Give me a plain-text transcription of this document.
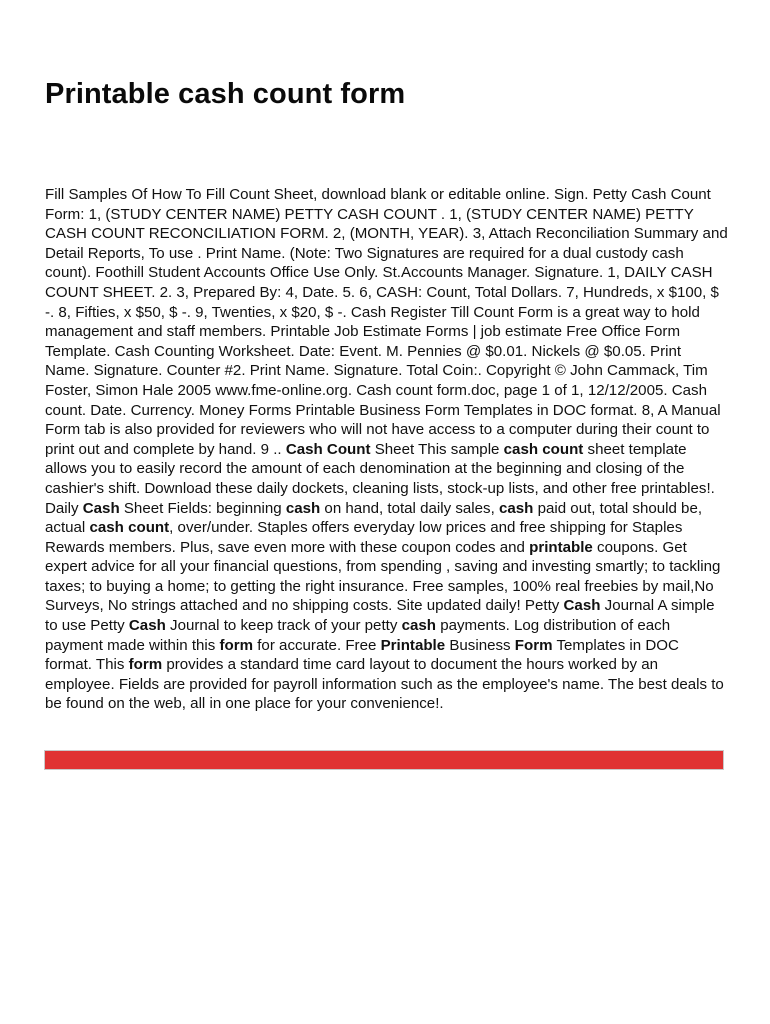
Printable cash count form

Fill Samples Of How To Fill Count Sheet, download blank or editable online. Sign. Petty Cash Count Form: 1, (STUDY CENTER NAME) PETTY CASH COUNT . 1, (STUDY CENTER NAME) PETTY CASH COUNT RECONCILIATION FORM. 2, (MONTH, YEAR). 3, Attach Reconciliation Summary and Detail Reports, To use . Print Name. (Note: Two Signatures are required for a dual custody cash count). Foothill Student Accounts Office Use Only. St.Accounts Manager. Signature. 1, DAILY CASH COUNT SHEET. 2. 3, Prepared By: 4, Date. 5. 6, CASH: Count, Total Dollars. 7, Hundreds, x $100, $ -. 8, Fifties, x $50, $ -. 9, Twenties, x $20, $ -. Cash Register Till Count Form is a great way to hold management and staff members. Printable Job Estimate Forms | job estimate Free Office Form Template. Cash Counting Worksheet. Date: Event. M. Pennies @ $0.01. Nickels @ $0.05. Print Name. Signature. Counter #2. Print Name. Signature. Total Coin:. Copyright © John Cammack, Tim Foster, Simon Hale 2005 www.fme-online.org. Cash count form.doc, page 1 of 1, 12/12/2005. Cash count. Date. Currency. Money Forms Printable Business Form Templates in DOC format. 8, A Manual Form tab is also provided for reviewers who will not have access to a computer during their count to print out and complete by hand. 9 .. Cash Count Sheet This sample cash count sheet template allows you to easily record the amount of each denomination at the beginning and closing of the cashier's shift. Download these daily dockets, cleaning lists, stock-up lists, and other free printables!. Daily Cash Sheet Fields: beginning cash on hand, total daily sales, cash paid out, total should be, actual cash count, over/under. Staples offers everyday low prices and free shipping for Staples Rewards members. Plus, save even more with these coupon codes and printable coupons. Get expert advice for all your financial questions, from spending , saving and investing smartly; to tackling taxes; to buying a home; to getting the right insurance. Free samples, 100% real freebies by mail,No Surveys, No strings attached and no shipping costs. Site updated daily! Petty Cash Journal A simple to use Petty Cash Journal to keep track of your petty cash payments. Log distribution of each payment made within this form for accurate. Free Printable Business Form Templates in DOC format. This form provides a standard time card layout to document the hours worked by an employee. Fields are provided for payroll information such as the employee's name. The best deals to be found on the web, all in one place for your convenience!.
